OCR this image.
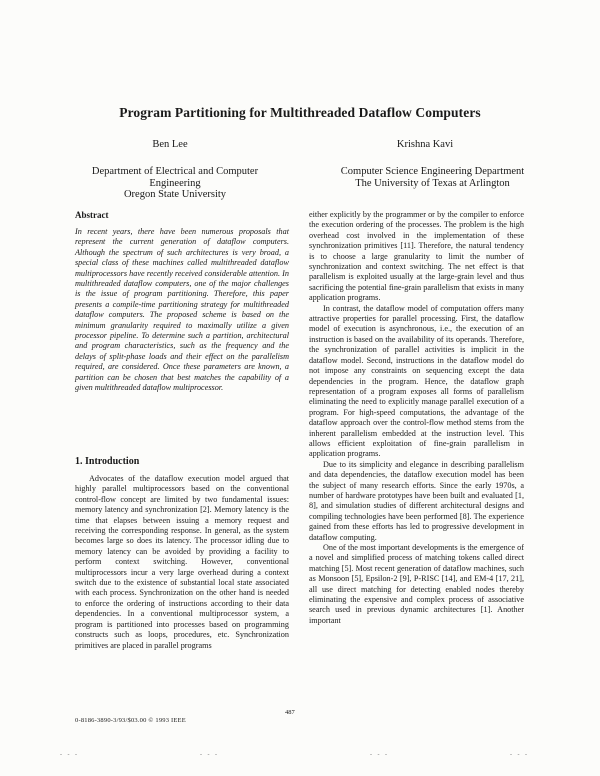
Program Partitioning for Multithreaded Dataflow Computers
Ben Lee	Krishna Kavi
Department of Electrical and Computer
Engineering
Oregon State University
Computer Science Engineering Department
The University of Texas at Arlington
Abstract
In recent years, there have been numerous proposals that represent the current generation of dataflow computers. Although the spectrum of such architectures is very broad, a special class of these machines called multithreaded dataflow multiprocessors have recently received considerable attention. In multithreaded dataflow computers, one of the major challenges is the issue of program partitioning. Therefore, this paper presents a compile-time partitioning strategy for multithreaded dataflow computers. The proposed scheme is based on the minimum granularity required to maximally utilize a given processor pipeline. To determine such a partition, architectural and program characteristics, such as the frequency and the delays of split-phase loads and their effect on the parallelism required, are considered. Once these parameters are known, a partition can be chosen that best matches the capability of a given multithreaded dataflow multiprocessor.
1. Introduction

Advocates of the dataflow execution model argued that highly parallel multiprocessors based on the conventional control-flow concept are limited by two fundamental issues: memory latency and synchronization [2]. Memory latency is the time that elapses between issuing a memory request and receiving the corresponding response. In general, as the system becomes large so does its latency. The processor idling due to memory latency can be avoided by providing a facility to perform context switching. However, conventional multiprocessors incur a very large overhead during a context switch due to the existence of substantial local state associated with each process. Synchronization on the other hand is needed to enforce the ordering of instructions according to their data dependencies. In a conventional multiprocessor system, a program is partitioned into processes based on programming constructs such as loops, procedures, etc. Synchronization primitives are placed in parallel programs

either explicitly by the programmer or by the compiler to enforce the execution ordering of the processes. The problem is the high overhead cost involved in the implementation of these synchronization primitives [11]. Therefore, the natural tendency is to choose a large granularity to limit the number of synchronization and context switching. The net effect is that parallelism is exploited usually at the large-grain level and thus sacrificing the potential fine-grain parallelism that exists in many application programs.

In contrast, the dataflow model of computation offers many attractive properties for parallel processing. First, the dataflow model of execution is asynchronous, i.e., the execution of an instruction is based on the availability of its operands. Therefore, the synchronization of parallel activities is implicit in the dataflow model. Second, instructions in the dataflow model do not impose any constraints on sequencing except the data dependencies in the program. Hence, the dataflow graph representation of a program exposes all forms of parallelism eliminating the need to explicitly manage parallel execution of a program. For high-speed computations, the advantage of the dataflow approach over the control-flow method stems from the inherent parallelism embedded at the instruction level. This allows efficient exploitation of fine-grain parallelism in application programs.

Due to its simplicity and elegance in describing parallelism and data dependencies, the dataflow execution model has been the subject of many research efforts. Since the early 1970s, a number of hardware prototypes have been built and evaluated [1, 8], and simulation studies of different architectural designs and compiling technologies have been performed [8]. The experience gained from these efforts has led to progressive development in dataflow computing.

One of the most important developments is the emergence of a novel and simplified process of matching tokens called direct matching [5]. Most recent generation of dataflow machines, such as Monsoon [5], Epsilon-2 [9], P-RISC [14], and EM-4 [17, 21], all use direct matching for detecting enabled nodes thereby eliminating the expensive and complex process of associative search used in previous dynamic architectures [1]. Another important

487
0-8186-3890-3/93/$03.00 © 1993 IEEE
- - -	- - -	- - -	- - -
